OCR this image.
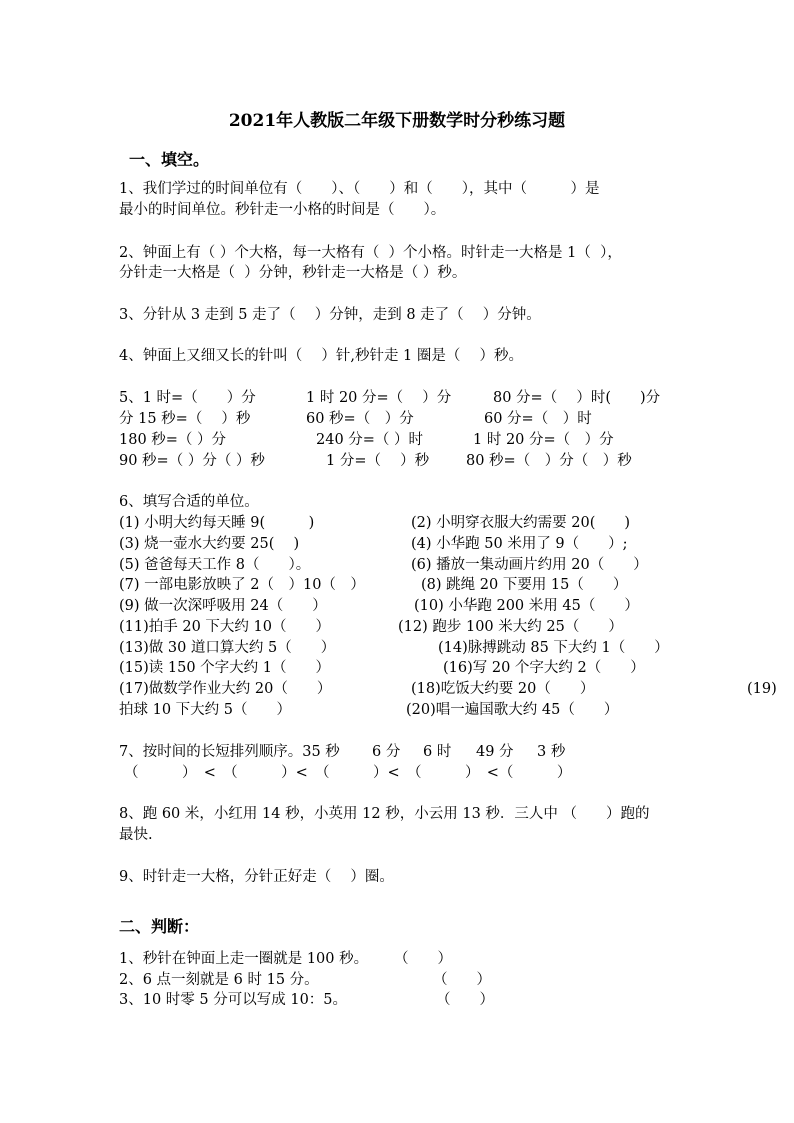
2021年人教版二年级下册数学时分秒练习题
一、填空。
1、我们学过的时间单位有（　　）、（　　）和（　　），其中（　　　）是
最小的时间单位。秒针走一小格的时间是（　　）。
2、钟面上有（ ）个大格，每一大格有（  ）个小格。时针走一大格是 1（  ），
分针走一大格是（  ）分钟，秒针走一大格是（ ）秒。
3、分针从 3 走到 5 走了（　 ）分钟，走到 8 走了（　 ）分钟。
4、钟面上又细又长的针叫（　 ）针,秒针走 1 圈是（　 ）秒。
5、1 时=（　　）分	1 时 20 分=（　 ）分	80 分=（　 ）时(　　)分
分 15 秒=（　 ）秒	60 秒=（　）分	60 分=（　）时
180 秒=（ ）分	240 分=（ ）时	1 时 20 分=（　）分
90 秒=（ ）分（ ）秒	1 分=（　 ）秒	80 秒=（　）分（　）秒
6、填写合适的单位。
(1) 小明大约每天睡 9(　　　)	(2) 小明穿衣服大约需要 20(　　)
(3) 烧一壶水大约要 25(　 )	(4) 小华跑 50 米用了 9（　　）;
(5) 爸爸每天工作 8（　　）。	(6) 播放一集动画片约用 20（　　）
(7) 一部电影放映了 2（　）10（　）	(8) 跳绳 20 下要用 15（　　）
(9) 做一次深呼吸用 24（　　）	(10) 小华跑 200 米用 45（　　）
(11)拍手 20 下大约 10（　　）	(12) 跑步 100 米大约 25（　　）
(13)做 30 道口算大约 5（　　）	(14)脉搏跳动 85 下大约 1（　　）
(15)读 150 个字大约 1（　　）	(16)写 20 个字大约 2（　　）
(17)做数学作业大约 20（　　）	(18)吃饭大约要 20（　　）	(19)
拍球 10 下大约 5（　　）	(20)唱一遍国歌大约 45（　　）
7、按时间的长短排列顺序。35 秒 6 分 6 时 49 分 3 秒
（　　　）　<　（　　　）<　（　　　）<　（　　　）　<（　　　）
8、跑 60 米，小红用 14 秒，小英用 12 秒，小云用 13 秒．三人中 （　　）跑的
最快.
9、时针走一大格，分针正好走（　 ）圈。
二、判断：
1、秒针在钟面上走一圈就是 100 秒。 （　　）
2、6 点一刻就是 6 时 15 分。	（　　）
3、10 时零 5 分可以写成 10：5。	（　　）
